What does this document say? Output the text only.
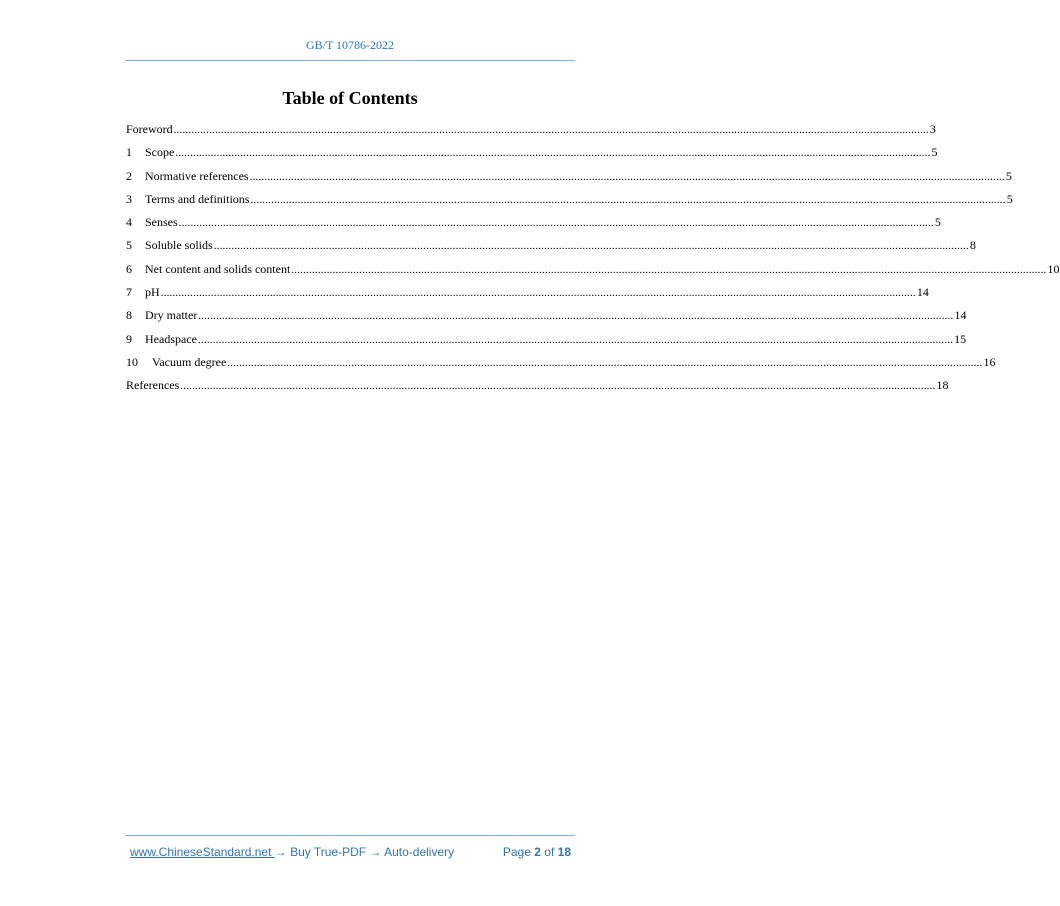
GB/T 10786-2022
Table of Contents
Foreword ................................................................................................................................................................................................................................................................ 3
1	Scope ................................................................................................................................................................................................................................................................ 5
2	Normative references ................................................................................................................................................................................................................................................................ 5
3	Terms and definitions ................................................................................................................................................................................................................................................................ 5
4	Senses ................................................................................................................................................................................................................................................................ 5
5	Soluble solids ................................................................................................................................................................................................................................................................ 8
6	Net content and solids content ................................................................................................................................................................................................................................................................ 10
7	pH ................................................................................................................................................................................................................................................................ 14
8	Dry matter ................................................................................................................................................................................................................................................................ 14
9	Headspace ................................................................................................................................................................................................................................................................ 15
10	Vacuum degree ................................................................................................................................................................................................................................................................ 16
References ................................................................................................................................................................................................................................................................ 18
www.ChineseStandard.net → Buy True-PDF → Auto-delivery	Page 2 of 18
